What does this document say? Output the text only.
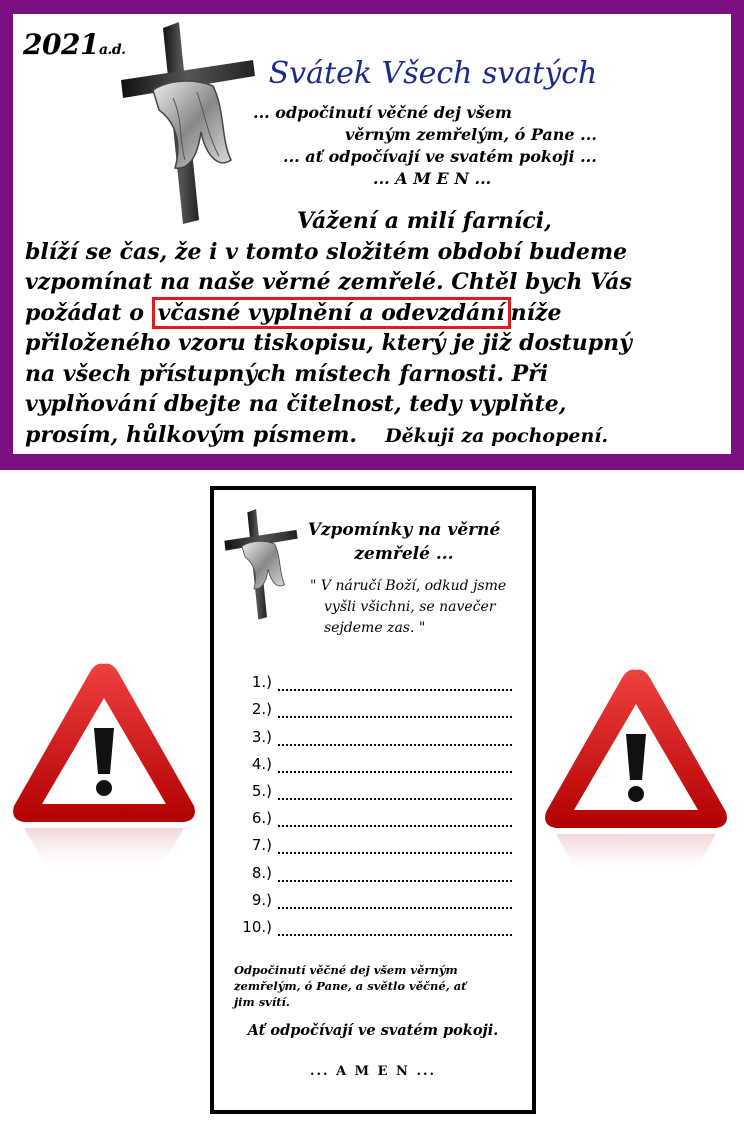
2021a.d.
Svátek Všech svatých
... odpočinutí věčné dej všem
věrným zemřelým, ó Pane ...
... ať odpočívají ve svatém pokoji ...
... A M E N ...
Vážení a milí farníci,
blíží se čas, že i v tomto složitém období budeme
vzpomínat na naše věrné zemřelé. Chtěl bych Vás
požádat o včasné vyplnění a odevzdání níže
přiloženého vzoru tiskopisu, který je již dostupný
na všech přístupných místech farnosti. Při
vyplňování dbejte na čitelnost, tedy vyplňte,
prosím, hůlkovým písmem. Děkuji za pochopení.
Vzpomínky na věrné
zemřelé ...
" V náručí Boží, odkud jsme
vyšli všichni, se navečer
sejdeme zas. "
1.)
2.)
3.)
4.)
5.)
6.)
7.)
8.)
9.)
10.)
Odpočinutí věčné dej všem věrným
zemřelým, ó Pane, a světlo věčné, ať
jim svítí.
Ať odpočívají ve svatém pokoji.
... A M E N ...
